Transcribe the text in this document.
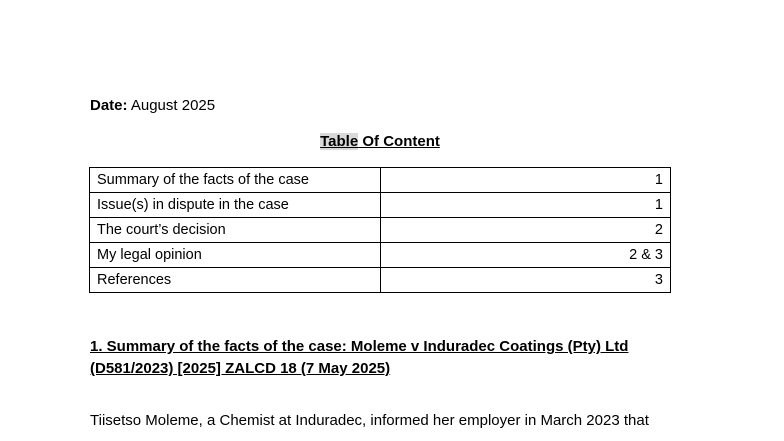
Date: August 2025
Table Of Content
Summary of the facts of the case	1
Issue(s) in dispute in the case	1
The court’s decision	2
My legal opinion	2 & 3
References	3
1. Summary of the facts of the case: Moleme v Induradec Coatings (Pty) Ltd (D581/2023) [2025] ZALCD 18 (7 May 2025)
Tiisetso Moleme, a Chemist at Induradec, informed her employer in March 2023 that
